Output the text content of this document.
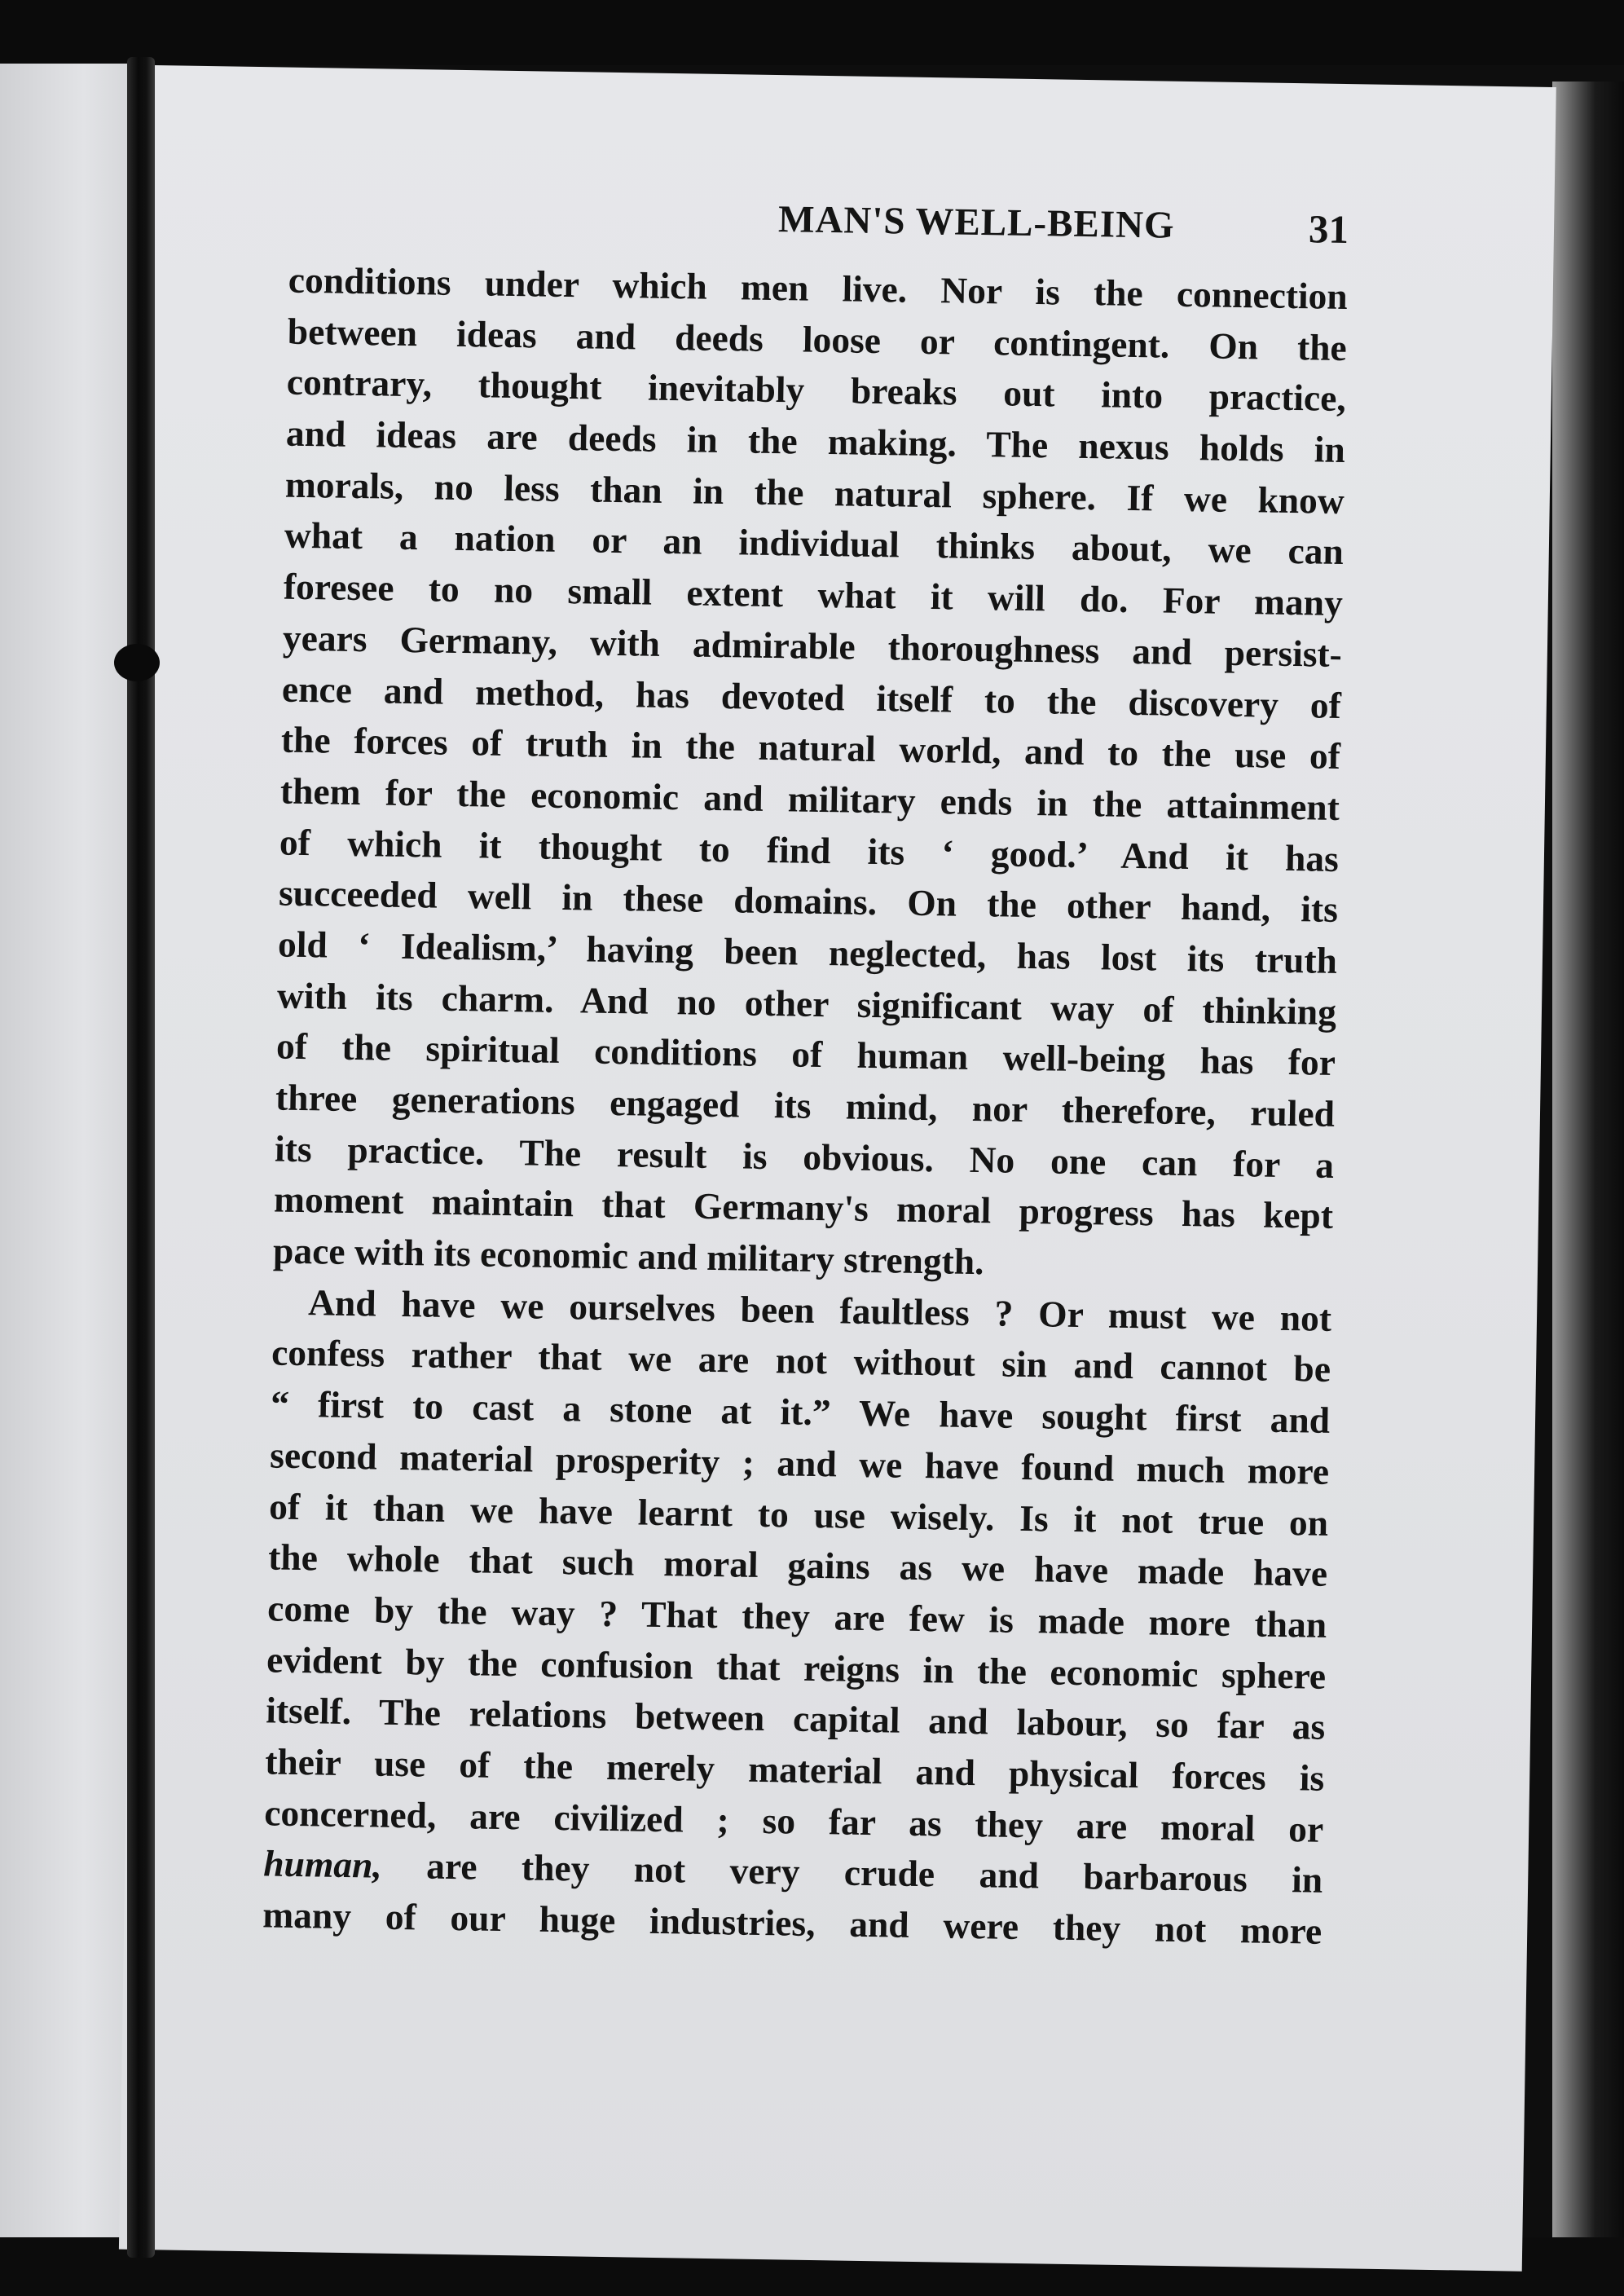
MAN'S WELL-BEING	31
conditions under which men live. Nor is the connection
between ideas and deeds loose or contingent. On the
contrary, thought inevitably breaks out into practice,
and ideas are deeds in the making. The nexus holds in
morals, no less than in the natural sphere. If we know
what a nation or an individual thinks about, we can
foresee to no small extent what it will do. For many
years Germany, with admirable thoroughness and persist-
ence and method, has devoted itself to the discovery of
the forces of truth in the natural world, and to the use of
them for the economic and military ends in the attainment
of which it thought to find its ‘ good.’ And it has
succeeded well in these domains. On the other hand, its
old ‘ Idealism,’ having been neglected, has lost its truth
with its charm. And no other significant way of thinking
of the spiritual conditions of human well-being has for
three generations engaged its mind, nor therefore, ruled
its practice. The result is obvious. No one can for a
moment maintain that Germany's moral progress has kept
pace with its economic and military strength.
And have we ourselves been faultless ? Or must we not
confess rather that we are not without sin and cannot be
“ first to cast a stone at it.” We have sought first and
second material prosperity ; and we have found much more
of it than we have learnt to use wisely. Is it not true on
the whole that such moral gains as we have made have
come by the way ? That they are few is made more than
evident by the confusion that reigns in the economic sphere
itself. The relations between capital and labour, so far as
their use of the merely material and physical forces is
concerned, are civilized ; so far as they are moral or
human, are they not very crude and barbarous in
many of our huge industries, and were they not more
